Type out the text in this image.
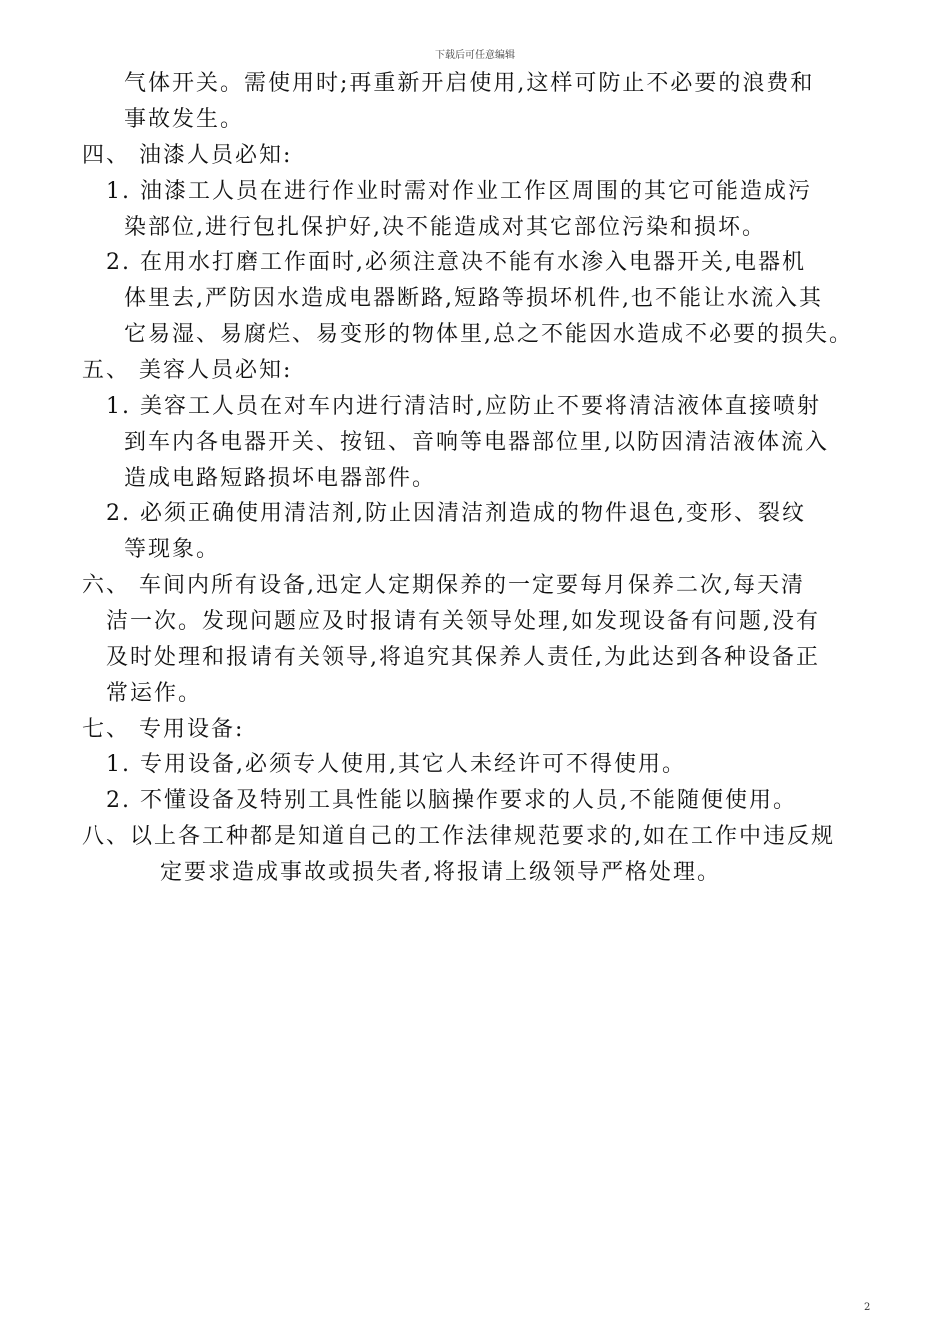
下载后可任意编辑
气体开关。需使用时;再重新开启使用,这样可防止不必要的浪费和
事故发生。
四、 油漆人员必知:
1. 油漆工人员在进行作业时需对作业工作区周围的其它可能造成污
染部位,进行包扎保护好,决不能造成对其它部位污染和损坏。
2. 在用水打磨工作面时,必须注意决不能有水渗入电器开关,电器机
体里去,严防因水造成电器断路,短路等损坏机件,也不能让水流入其
它易湿、易腐烂、易变形的物体里,总之不能因水造成不必要的损失。
五、 美容人员必知:
1. 美容工人员在对车内进行清洁时,应防止不要将清洁液体直接喷射
到车内各电器开关、按钮、音响等电器部位里,以防因清洁液体流入
造成电路短路损坏电器部件。
2. 必须正确使用清洁剂,防止因清洁剂造成的物件退色,变形、裂纹
等现象。
六、 车间内所有设备,迅定人定期保养的一定要每月保养二次,每天清
洁一次。发现问题应及时报请有关领导处理,如发现设备有问题,没有
及时处理和报请有关领导,将追究其保养人责任,为此达到各种设备正
常运作。
七、 专用设备:
1. 专用设备,必须专人使用,其它人未经许可不得使用。
2. 不懂设备及特别工具性能以脑操作要求的人员,不能随便使用。
八、以上各工种都是知道自己的工作法律规范要求的,如在工作中违反规
定要求造成事故或损失者,将报请上级领导严格处理。
2
